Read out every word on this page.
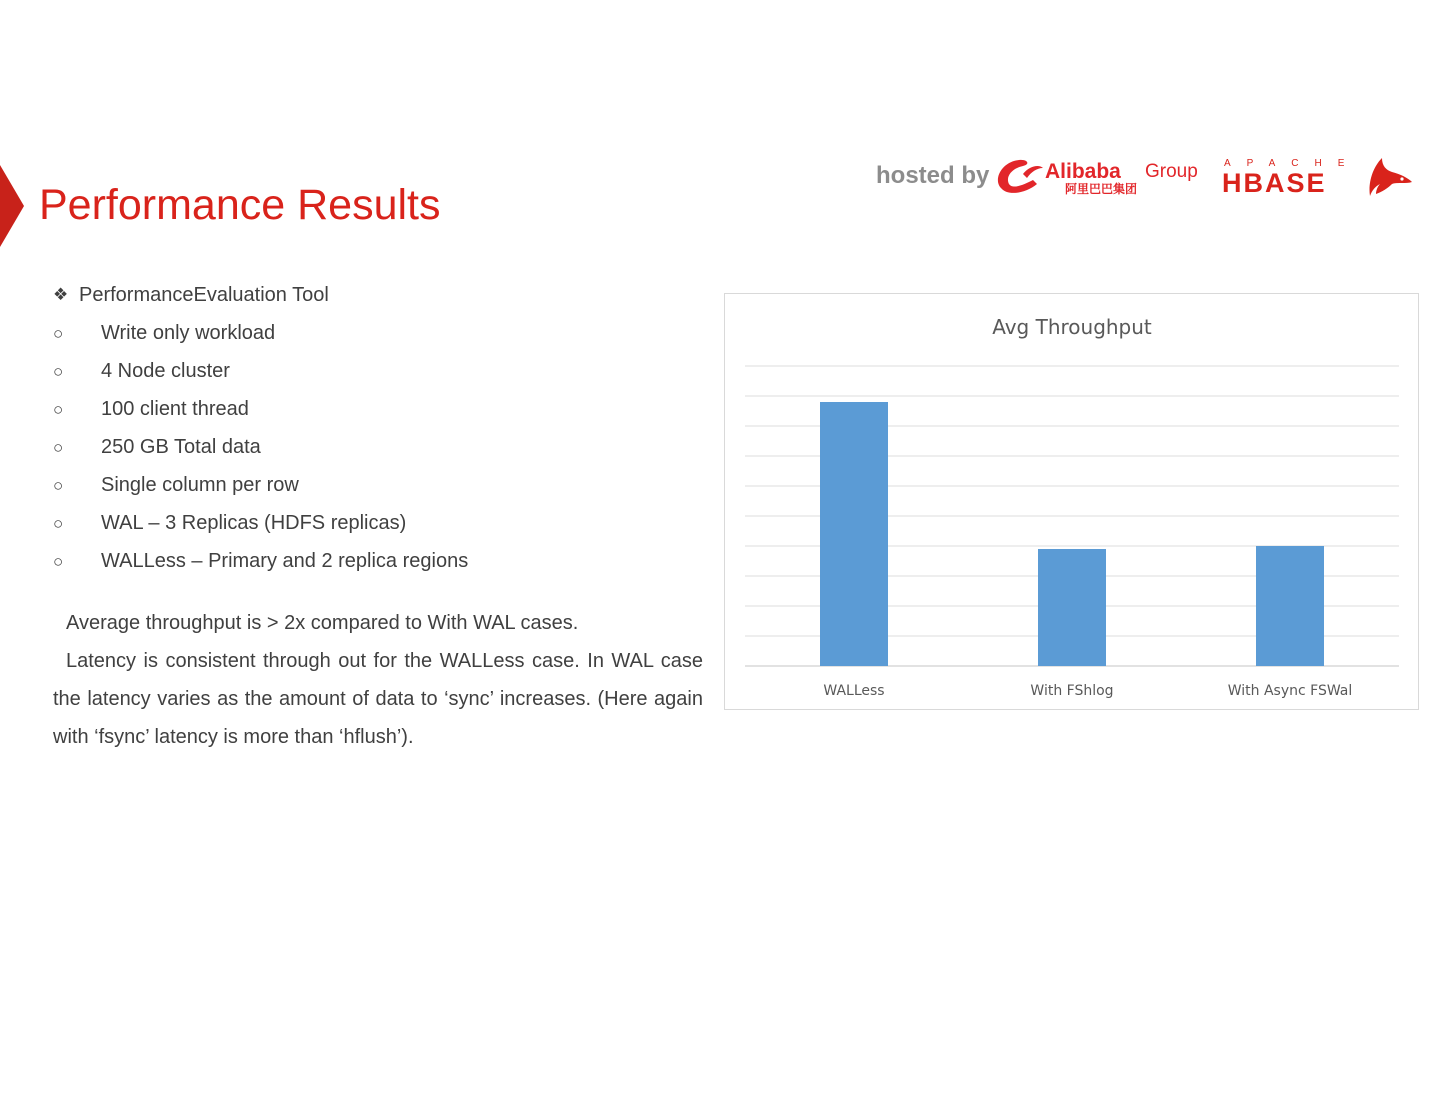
Performance Results
hosted by	Alibaba Group
阿里巴巴集团
APACHE
HBASE
❖ PerformanceEvaluation Tool
○	Write only workload
○	4 Node cluster
○	100 client thread
○	250 GB Total data
○	Single column per row
○	WAL – 3 Replicas (HDFS replicas)
○	WALLess – Primary and 2 replica regions

Average throughput is > 2x compared to With WAL cases.

Latency is consistent through out for the WALLess case. In WAL case the latency varies as the amount of data to ‘sync’ increases. (Here again with ‘fsync’ latency is more than ‘hflush’).

Avg Throughput
WALLess	With FShlog	With Async FSWal
